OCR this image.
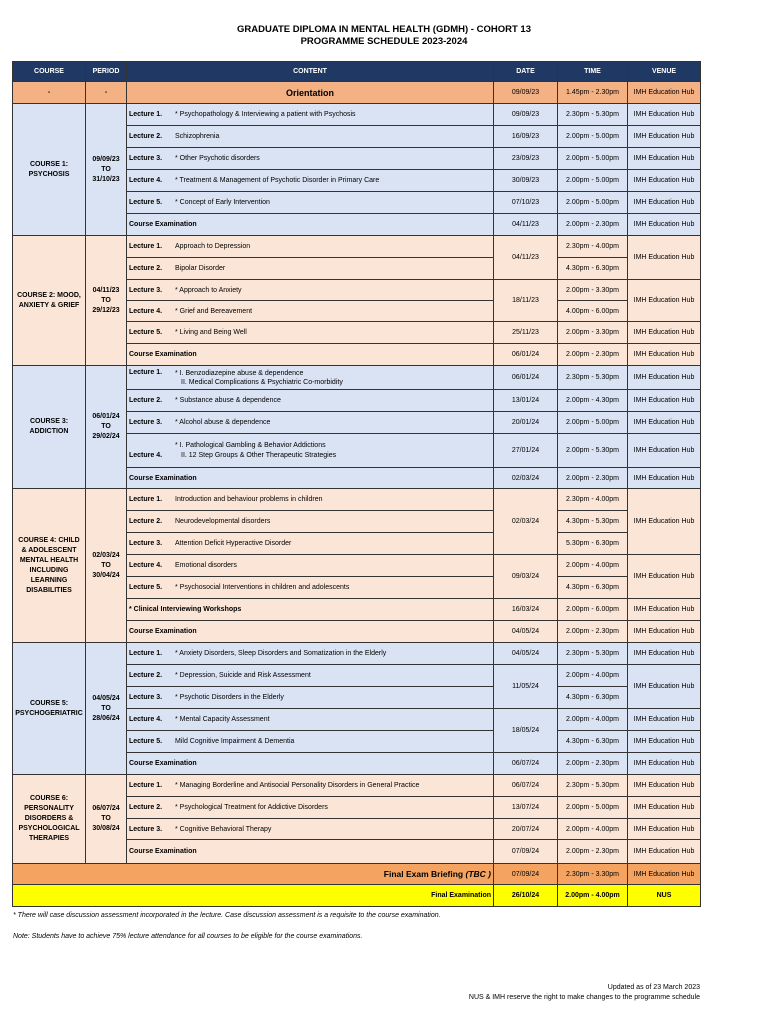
GRADUATE DIPLOMA IN MENTAL HEALTH (GDMH) - COHORT 13
PROGRAMME SCHEDULE 2023-2024
COURSE	PERIOD	CONTENT	DATE	TIME	VENUE
-	-	Orientation	09/09/23	1.45pm - 2.30pm	IMH Education Hub
COURSE 1: PSYCHOSIS	09/09/23 TO 31/10/23	Lecture 1. * Psychopathology & Interviewing a patient with Psychosis	09/09/23	2.30pm - 5.30pm	IMH Education Hub
		Lecture 2. Schizophrenia	16/09/23	2.00pm - 5.00pm	IMH Education Hub
		Lecture 3. * Other Psychotic disorders	23/09/23	2.00pm - 5.00pm	IMH Education Hub
		Lecture 4. * Treatment & Management of Psychotic Disorder in Primary Care	30/09/23	2.00pm - 5.00pm	IMH Education Hub
		Lecture 5. * Concept of Early Intervention	07/10/23	2.00pm - 5.00pm	IMH Education Hub
		Course Examination	04/11/23	2.00pm - 2.30pm	IMH Education Hub
COURSE 2: MOOD, ANXIETY & GRIEF	04/11/23 TO 29/12/23	Lecture 1. Approach to Depression	04/11/23	2.30pm - 4.00pm	IMH Education Hub
		Lecture 2. Bipolar Disorder		4.30pm - 6.30pm	
		Lecture 3. * Approach to Anxiety	18/11/23	2.00pm - 3.30pm	IMH Education Hub
		Lecture 4. * Grief and Bereavement		4.00pm - 6.00pm	
		Lecture 5. * Living and Being Well	25/11/23	2.00pm - 3.30pm	IMH Education Hub
		Course Examination	06/01/24	2.00pm - 2.30pm	IMH Education Hub
COURSE 3: ADDICTION	06/01/24 TO 29/02/24	Lecture 1. * I. Benzodiazepine abuse & dependence
II. Medical Complications & Psychiatric Co-morbidity	06/01/24	2.30pm - 5.30pm	IMH Education Hub
		Lecture 2. * Substance abuse & dependence	13/01/24	2.00pm - 4.30pm	IMH Education Hub
		Lecture 3. * Alcohol abuse & dependence	20/01/24	2.00pm - 5.00pm	IMH Education Hub
		Lecture 4.* I. Pathological Gambling & Behavior Addictions
II. 12 Step Groups & Other Therapeutic Strategies	27/01/24	2.00pm - 5.30pm	IMH Education Hub
		Course Examination	02/03/24	2.00pm - 2.30pm	IMH Education Hub
COURSE 4: CHILD & ADOLESCENT MENTAL HEALTH INCLUDING LEARNING DISABILITIES	02/03/24 TO 30/04/24	Lecture 1. Introduction and behaviour problems in children	02/03/24	2.30pm - 4.00pm	IMH Education Hub
		Lecture 2. Neurodevelopmental disorders		4.30pm - 5.30pm	
		Lecture 3. Attention Deficit Hyperactive Disorder		5.30pm - 6.30pm	
		Lecture 4. Emotional disorders	09/03/24	2.00pm - 4.00pm	IMH Education Hub
		Lecture 5. * Psychosocial Interventions in children and adolescents		4.30pm - 6.30pm	
		* Clinical Interviewing Workshops	16/03/24	2.00pm - 6.00pm	IMH Education Hub
		Course Examination	04/05/24	2.00pm - 2.30pm	IMH Education Hub
COURSE 5: PSYCHOGERIATRIC	04/05/24 TO 28/06/24	Lecture 1. * Anxiety Disorders, Sleep Disorders and Somatization in the Elderly	04/05/24	2.30pm - 5.30pm	IMH Education Hub
		Lecture 2. * Depression, Suicide and Risk Assessment	11/05/24	2.00pm - 4.00pm	IMH Education Hub
		Lecture 3. * Psychotic Disorders in the Elderly		4.30pm - 6.30pm	
		Lecture 4. * Mental Capacity Assessment	18/05/24	2.00pm - 4.00pm	IMH Education Hub
		Lecture 5. Mild Cognitive Impairment & Dementia		4.30pm - 6.30pm	IMH Education Hub
		Course Examination	06/07/24	2.00pm - 2.30pm	IMH Education Hub
COURSE 6: PERSONALITY DISORDERS & PSYCHOLOGICAL THERAPIES	06/07/24 TO 30/08/24	Lecture 1. * Managing Borderline and Antisocial Personality Disorders in General Practice	06/07/24	2.30pm - 5.30pm	IMH Education Hub
		Lecture 2. * Psychological Treatment for Addictive Disorders	13/07/24	2.00pm - 5.00pm	IMH Education Hub
		Lecture 3. * Cognitive Behavioral Therapy	20/07/24	2.00pm - 4.00pm	IMH Education Hub
		Course Examination	07/09/24	2.00pm - 2.30pm	IMH Education Hub
Final Exam Briefing (TBC )			07/09/24	2.30pm - 3.30pm	IMH Education Hub
Final Examination			26/10/24	2.00pm - 4.00pm	NUS
* There will case discussion assessment incorporated in the lecture. Case discussion assessment is a requisite to the course examination.
Note: Students have to achieve 75% lecture attendance for all courses to be eligible for the course examinations.
Updated as of 23 March 2023
NUS & IMH reserve the right to make changes to the programme schedule
